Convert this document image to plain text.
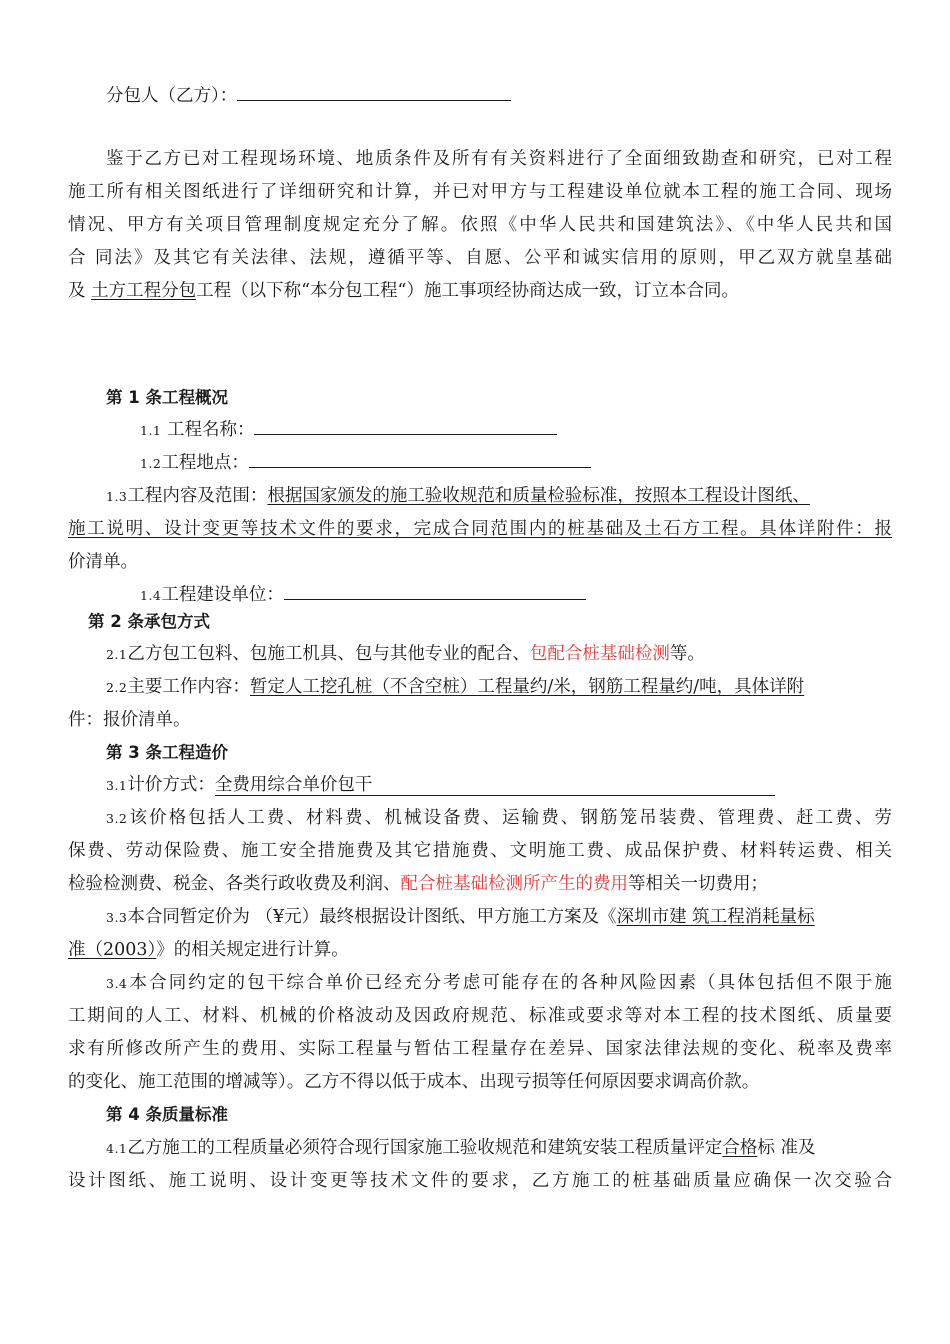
分包人（乙方）：
鉴于乙方已对工程现场环境、地质条件及所有有关资料进行了全面细致勘查和研究，已对工程
施工所有相关图纸进行了详细研究和计算，并已对甲方与工程建设单位就本工程的施工合同、现场
情况、甲方有关项目管理制度规定充分了解。依照《中华人民共和国建筑法》、《中华人民共和国
合 同法》及其它有关法律、法规，遵循平等、自愿、公平和诚实信用的原则，甲乙双方就皇基础
及 土方工程分包工程（以下称“本分包工程“）施工事项经协商达成一致，订立本合同。
第 1 条工程概况
1.1 工程名称：
1.2工程地点：
1.3工程内容及范围：根据国家颁发的施工验收规范和质量检验标准，按照本工程设计图纸、
施工说明、设计变更等技术文件的要求，完成合同范围内的桩基础及土石方工程。具体详附件：报
价清单。
1.4工程建设单位：
第 2 条承包方式
2.1乙方包工包料、包施工机具、包与其他专业的配合、包配合桩基础检测等。
2.2主要工作内容：暂定人工挖孔桩（不含空桩）工程量约/米，钢筋工程量约/吨，具体详附
件：报价清单。
第 3 条工程造价
3.1计价方式：全费用综合单价包干
3.2该价格包括人工费、材料费、机械设备费、运输费、钢筋笼吊装费、管理费、赶工费、劳
保费、劳动保险费、施工安全措施费及其它措施费、文明施工费、成品保护费、材料转运费、相关
检验检测费、税金、各类行政收费及利润、配合桩基础检测所产生的费用等相关一切费用；
3.3本合同暂定价为 （¥元）最终根据设计图纸、甲方施工方案及《深圳市建 筑工程消耗量标
准（2003）》的相关规定进行计算。
3.4本合同约定的包干综合单价已经充分考虑可能存在的各种风险因素（具体包括但不限于施
工期间的人工、材料、机械的价格波动及因政府规范、标准或要求等对本工程的技术图纸、质量要
求有所修改所产生的费用、实际工程量与暂估工程量存在差异、国家法律法规的变化、税率及费率
的变化、施工范围的增减等）。乙方不得以低于成本、出现亏损等任何原因要求调高价款。
第 4 条质量标准
4.1乙方施工的工程质量必须符合现行国家施工验收规范和建筑安装工程质量评定合格标 准及
设计图纸、施工说明、设计变更等技术文件的要求，乙方施工的桩基础质量应确保一次交验合
